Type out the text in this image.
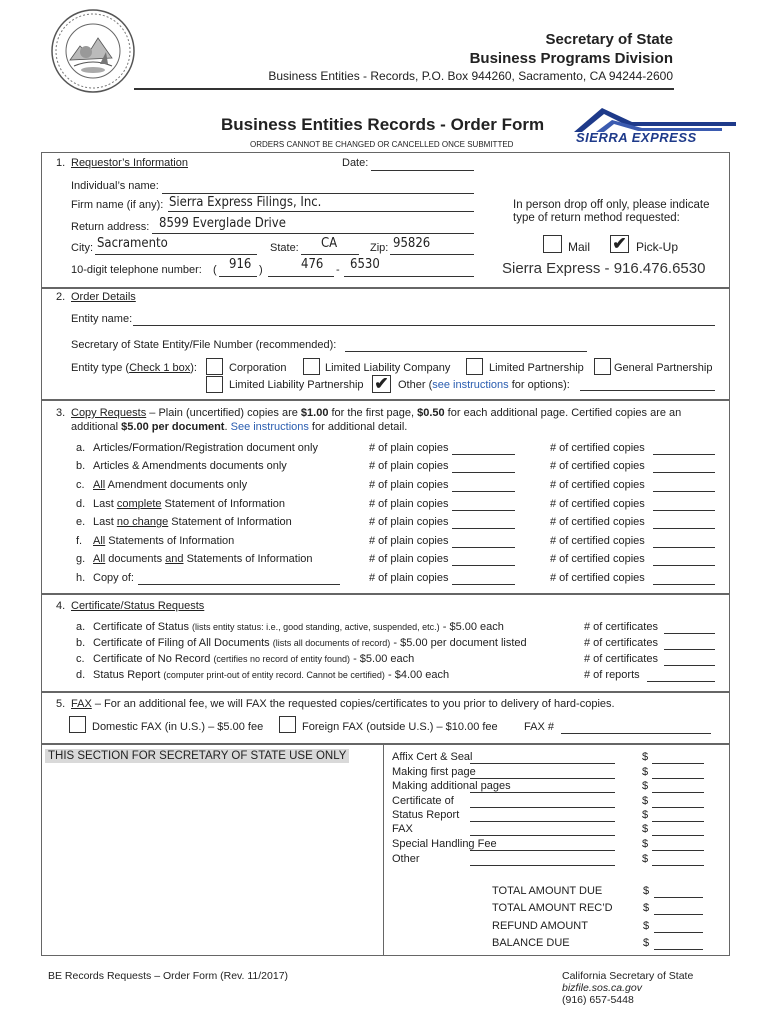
Secretary of State
Business Programs Division
Business Entities - Records, P.O. Box 944260, Sacramento, CA 94244-2600
Business Entities Records - Order Form
ORDERS CANNOT BE CHANGED OR CANCELLED ONCE SUBMITTED	SIERRA EXPRESS
1. Requestor’s Information	Date:
Individual’s name:
Firm name (if any): Sierra Express Filings, Inc.
Return address: 8599 Everglade Drive
City: Sacramento	State: CA	Zip: 95826
10-digit telephone number: ( 916 )	476 - 6530
In person drop off only, please indicate
type of return method requested:
Mail ✔ Pick-Up
Sierra Express - 916.476.6530
2. Order Details
Entity name:
Secretary of State Entity/File Number (recommended):
Entity type (Check 1 box):	Corporation	Limited Liability Company	Limited Partnership	General Partnership
Limited Liability Partnership ✔ Other (see instructions for options):
3. Copy Requests – Plain (uncertified) copies are $1.00 for the first page, $0.50 for each additional page. Certified copies are an
additional $5.00 per document. See instructions for additional detail.
a. Articles/Formation/Registration document only	# of plain copies	# of certified copies
b. Articles & Amendments documents only	# of plain copies	# of certified copies
c. All Amendment documents only	# of plain copies	# of certified copies
d. Last complete Statement of Information	# of plain copies	# of certified copies
e. Last no change Statement of Information	# of plain copies	# of certified copies
f. All Statements of Information	# of plain copies	# of certified copies
g. All documents and Statements of Information	# of plain copies	# of certified copies
h. Copy of:	# of plain copies	# of certified copies
4. Certificate/Status Requests
a. Certificate of Status (lists entity status: i.e., good standing, active, suspended, etc.) - $5.00 each	# of certificates
b. Certificate of Filing of All Documents (lists all documents of record) - $5.00 per document listed	# of certificates
c. Certificate of No Record (certifies no record of entity found) - $5.00 each	# of certificates
d. Status Report (computer print-out of entity record. Cannot be certified) - $4.00 each	# of reports
5. FAX – For an additional fee, we will FAX the requested copies/certificates to you prior to delivery of hard-copies.
Domestic FAX (in U.S.) – $5.00 fee	Foreign FAX (outside U.S.) – $10.00 fee FAX #
THIS SECTION FOR SECRETARY OF STATE USE ONLY	Affix Cert & Seal	$
Making first page	$
Making additional pages	$
Certificate of	$
Status Report	$
FAX	$
Special Handling Fee	$
Other	$
TOTAL AMOUNT DUE	$
TOTAL AMOUNT REC’D	$
REFUND AMOUNT	$
BALANCE DUE	$
BE Records Requests – Order Form (Rev. 11/2017)	California Secretary of State
bizfile.sos.ca.gov
(916) 657-5448
